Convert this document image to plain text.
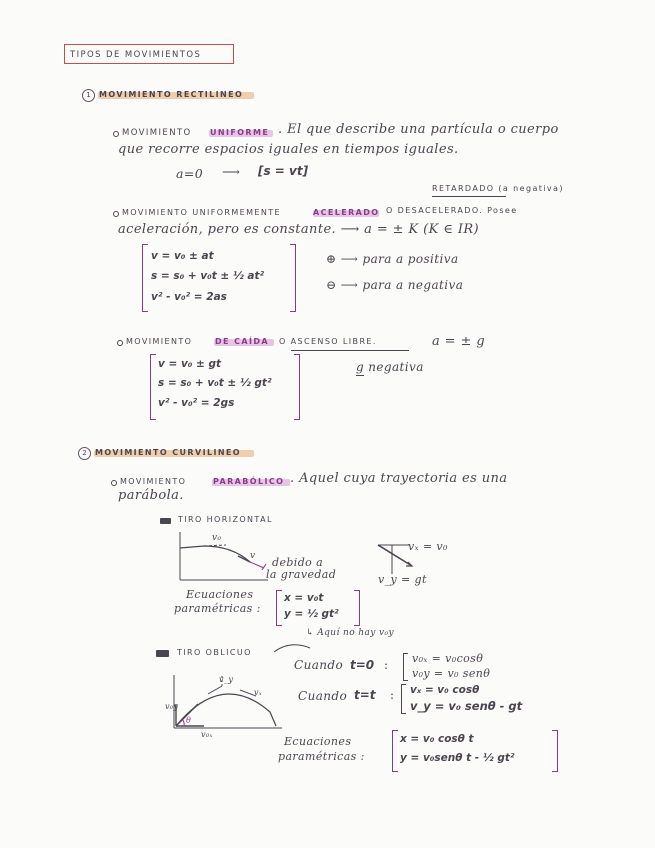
TIPOS DE MOVIMIENTOS
1	MOVIMIENTO RECTILINEO
MOVIMIENTO UNIFORME . El que describe una partícula o cuerpo
que recorre espacios iguales en tiempos iguales.
a=0 ⟶ [s = vt]
RETARDADO (a negativa)
MOVIMIENTO UNIFORMEMENTE	ACELERADO O DESACELERADO. Posee
aceleración, pero es constante. ⟶ a = ± K (K ∈ IR)
v = v₀ ± at
s = s₀ + v₀t ± ½ at²
v² - v₀² = 2as
⊕ ⟶ para a positiva
⊖ ⟶ para a negativa
MOVIMIENTO	DE CAÍDA O ASCENSO LIBRE.	a = ± g
g negativa
v = v₀ ± gt
s = s₀ + v₀t ± ½ gt²
v² - v₀² = 2gs
2	MOVIMIENTO CURVILINEO
MOVIMIENTO	PARABÓLICO . Aquel cuya trayectoria es una
parábola.
TIRO HORIZONTAL
v₀
v debido a
la gravedad
vₓ = v₀
v_y = gt
Ecuaciones
paramétricas :
x = v₀t
y = ½ gt²
↳ Aquí no hay v₀y
TIRO OBLICUO
v₀y
v₀ₓ
v_y
vₓ
θ
Cuando t=0 : v₀ₓ = v₀cosθ
v₀y = v₀ senθ
Cuando t=t : vₓ = v₀ cosθ
v_y = v₀ senθ - gt
Ecuaciones
paramétricas :
x = v₀ cosθ t
y = v₀senθ t - ½ gt²
